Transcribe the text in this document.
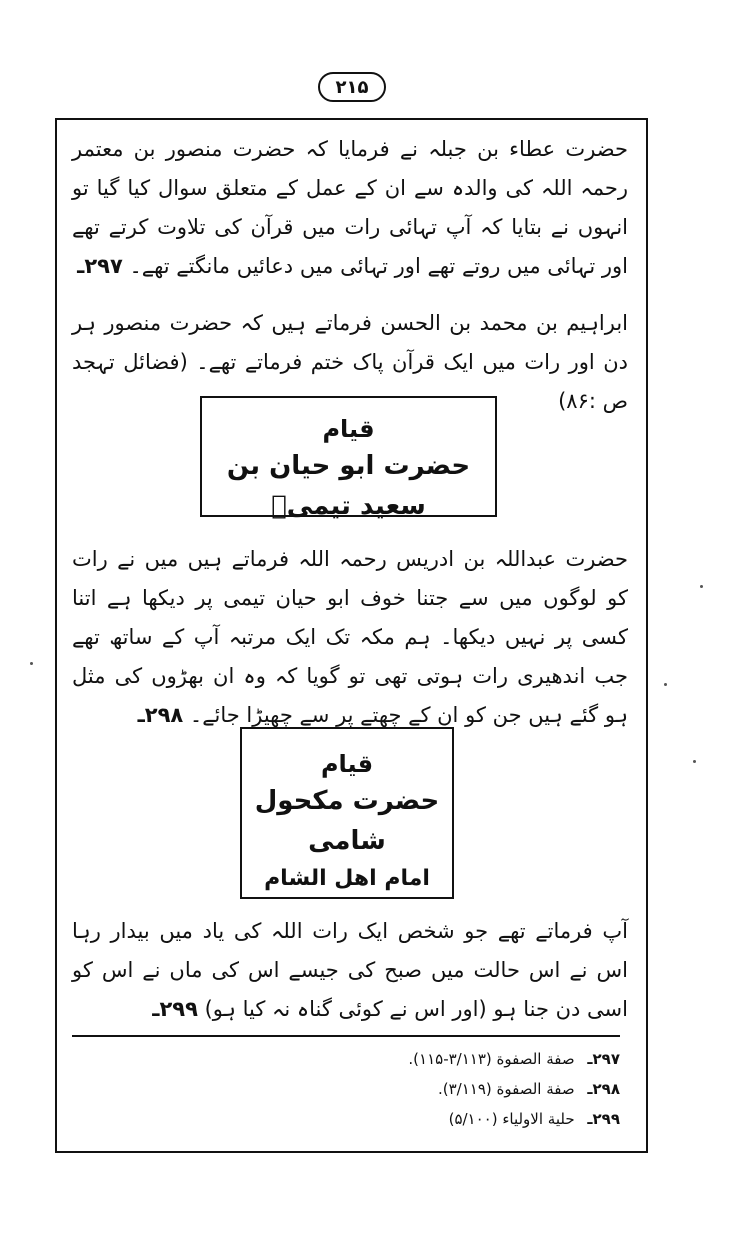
۲۱۵
حضرت عطاء بن جبلہ نے فرمایا کہ حضرت منصور بن معتمر رحمہ اللہ کی والدہ سے ان کے عمل کے متعلق سوال کیا گیا تو انہوں نے بتایا کہ آپ تہائی رات میں قرآن کی تلاوت کرتے تھے اور تہائی میں روتے تھے اور تہائی میں دعائیں مانگتے تھے۔ ۲۹۷ـ
ابراہیم بن محمد بن الحسن فرماتے ہیں کہ حضرت منصور ہر دن اور رات میں ایک قرآن پاک ختم فرماتے تھے۔ (فضائل تہجد ص :۸۶)
قیام
حضرت ابو حیان بن سعید تیمیؒ
حضرت عبداللہ بن ادریس رحمہ اللہ فرماتے ہیں میں نے رات کو لوگوں میں سے جتنا خوف ابو حیان تیمی پر دیکھا ہے اتنا کسی پر نہیں دیکھا۔ ہم مکہ تک ایک مرتبہ آپ کے ساتھ تھے جب اندھیری رات ہوتی تھی تو گویا کہ وہ ان بھڑوں کی مثل ہو گئے ہیں جن کو ان کے چھتے پر سے چھیڑا جائے۔ ۲۹۸ـ
قیام
حضرت مکحول شامی
امام اهل الشام
آپ فرماتے تھے جو شخص ایک رات اللہ کی یاد میں بیدار رہا اس نے اس حالت میں صبح کی جیسے اس کی ماں نے اس کو اسی دن جنا ہو (اور اس نے کوئی گناہ نہ کیا ہو) ۲۹۹ـ
۲۹۷ـ صفة الصفوة (۳/۱۱۳-۱۱۵).
۲۹۸ـ صفة الصفوة (۳/۱۱۹).
۲۹۹ـ حلية الاولياء (۵/۱۰۰)
